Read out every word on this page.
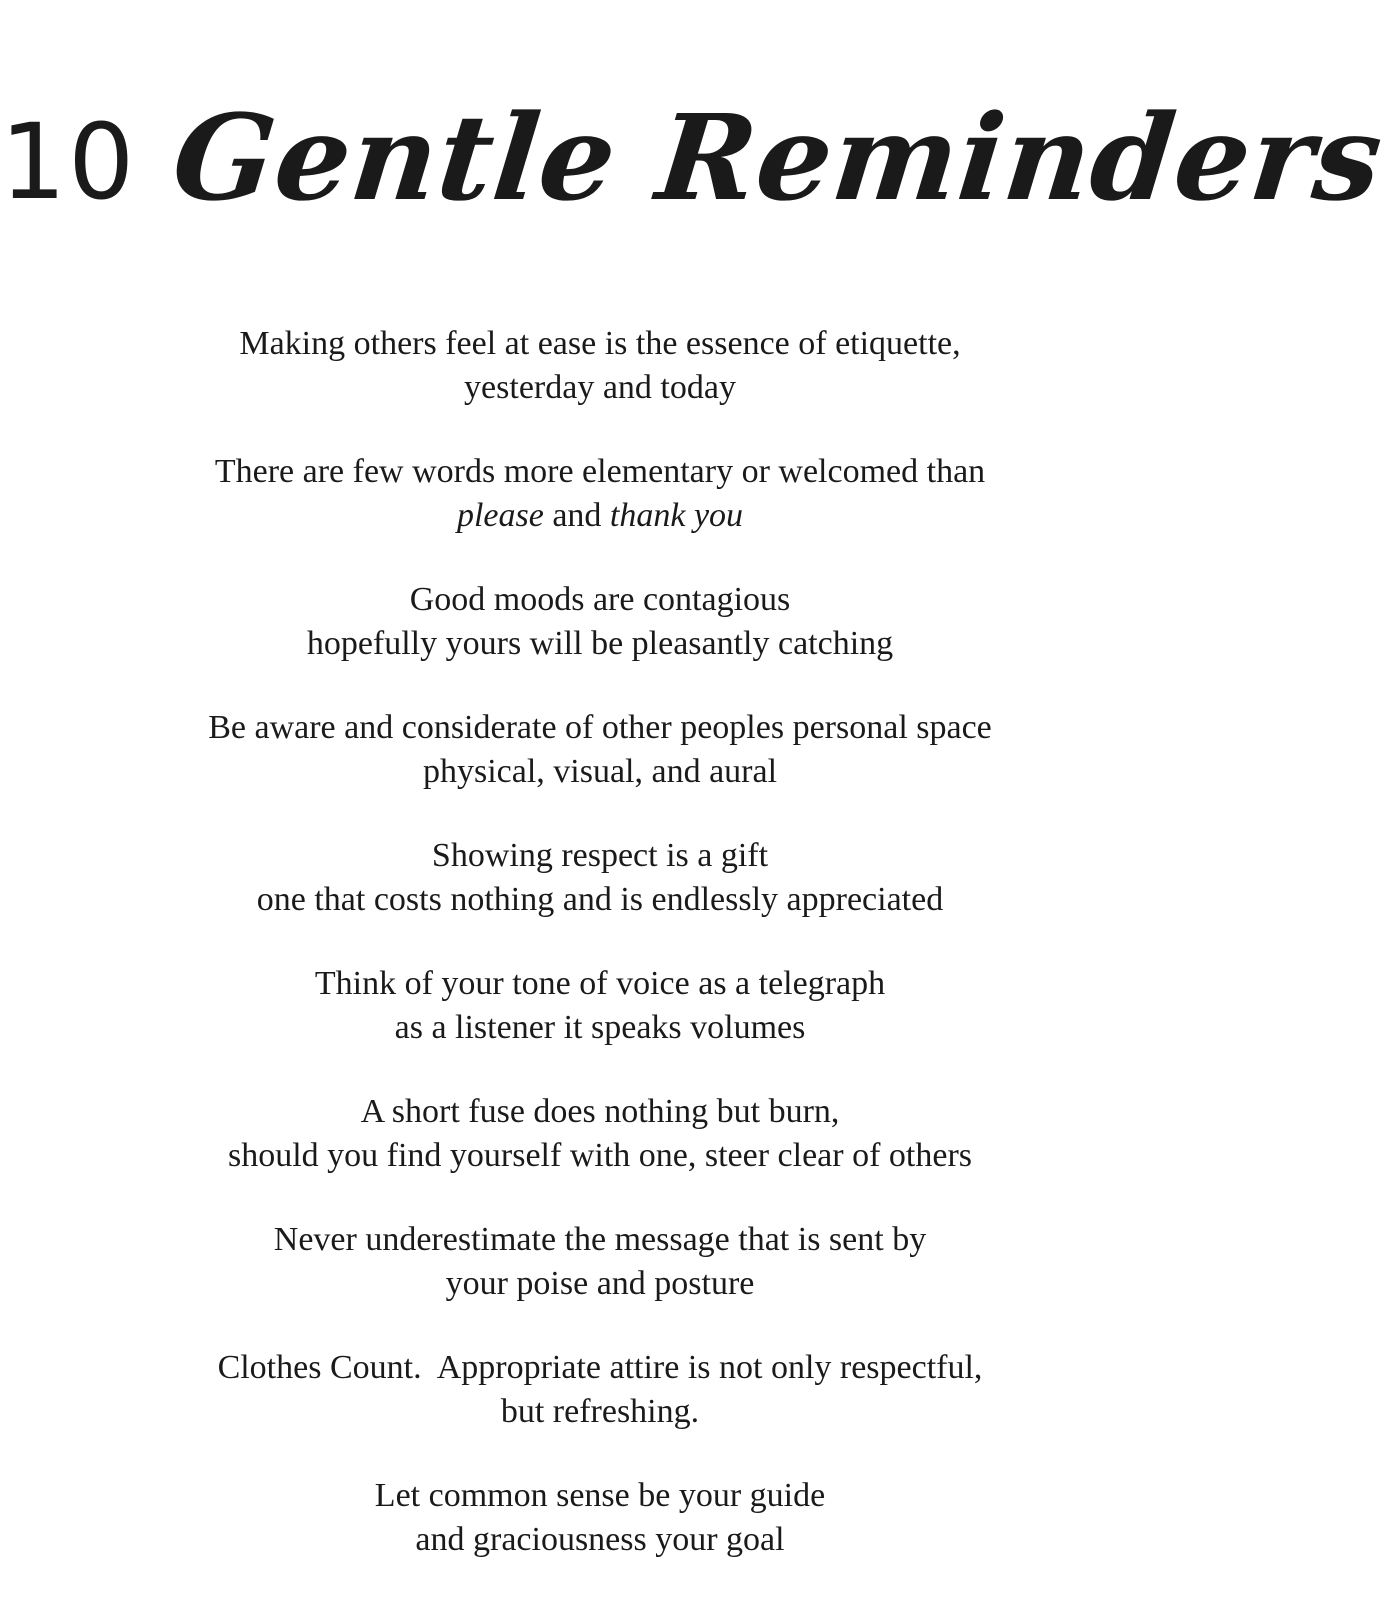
10 Gentle Reminders
Making others feel at ease is the essence of etiquette,
yesterday and today
There are few words more elementary or welcomed than
please and thank you
Good moods are contagious
hopefully yours will be pleasantly catching
Be aware and considerate of other peoples personal space
physical, visual, and aural
Showing respect is a gift
one that costs nothing and is endlessly appreciated
Think of your tone of voice as a telegraph
as a listener it speaks volumes
A short fuse does nothing but burn,
should you find yourself with one, steer clear of others
Never underestimate the message that is sent by
your poise and posture
Clothes Count.  Appropriate attire is not only respectful,
but refreshing.
Let common sense be your guide
and graciousness your goal
